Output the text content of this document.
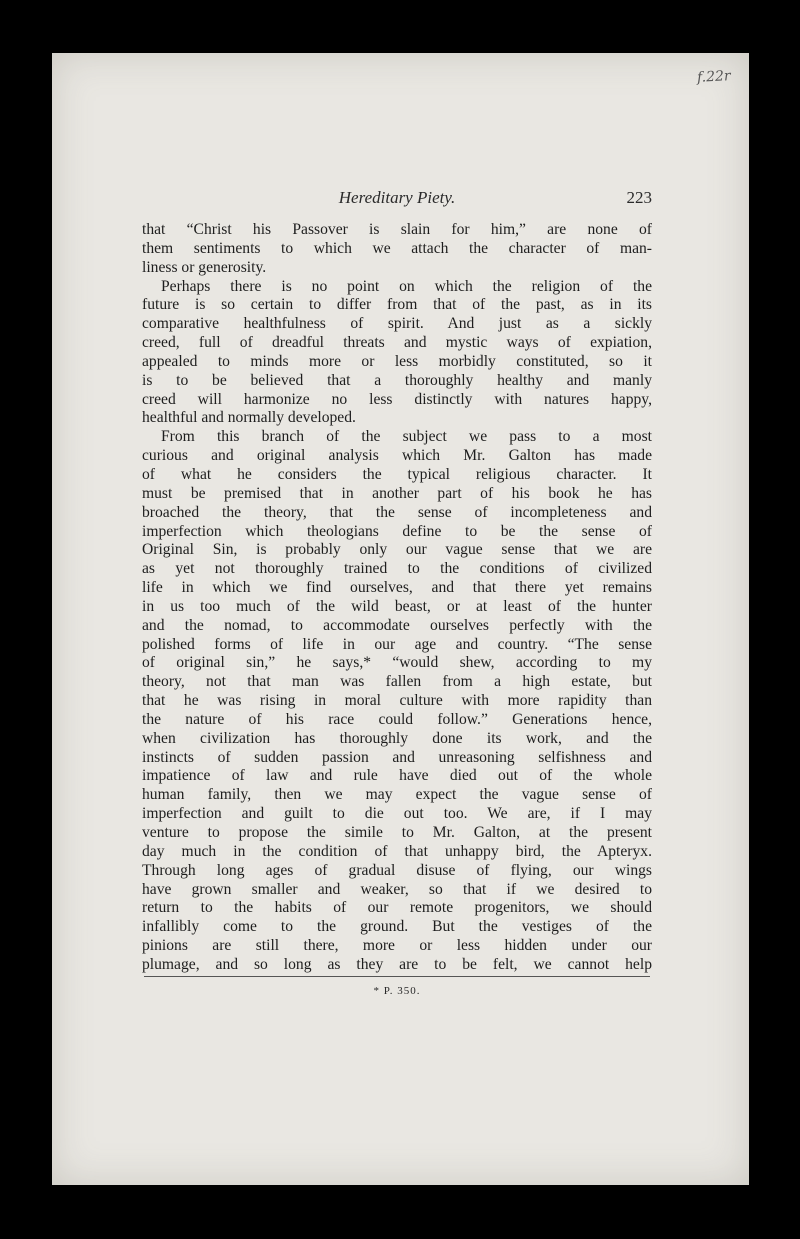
f.22r
Hereditary Piety.	223
that “Christ his Passover is slain for him,” are none of
them sentiments to which we attach the character of man-
liness or generosity.
Perhaps there is no point on which the religion of the
future is so certain to differ from that of the past, as in its
comparative healthfulness of spirit. And just as a sickly
creed, full of dreadful threats and mystic ways of expiation,
appealed to minds more or less morbidly constituted, so it
is to be believed that a thoroughly healthy and manly
creed will harmonize no less distinctly with natures happy,
healthful and normally developed.
From this branch of the subject we pass to a most
curious and original analysis which Mr. Galton has made
of what he considers the typical religious character. It
must be premised that in another part of his book he has
broached the theory, that the sense of incompleteness and
imperfection which theologians define to be the sense of
Original Sin, is probably only our vague sense that we are
as yet not thoroughly trained to the conditions of civilized
life in which we find ourselves, and that there yet remains
in us too much of the wild beast, or at least of the hunter
and the nomad, to accommodate ourselves perfectly with the
polished forms of life in our age and country. “The sense
of original sin,” he says,* “would shew, according to my
theory, not that man was fallen from a high estate, but
that he was rising in moral culture with more rapidity than
the nature of his race could follow.” Generations hence,
when civilization has thoroughly done its work, and the
instincts of sudden passion and unreasoning selfishness and
impatience of law and rule have died out of the whole
human family, then we may expect the vague sense of
imperfection and guilt to die out too. We are, if I may
venture to propose the simile to Mr. Galton, at the present
day much in the condition of that unhappy bird, the Apteryx.
Through long ages of gradual disuse of flying, our wings
have grown smaller and weaker, so that if we desired to
return to the habits of our remote progenitors, we should
infallibly come to the ground. But the vestiges of the
pinions are still there, more or less hidden under our
plumage, and so long as they are to be felt, we cannot help
* P. 350.
